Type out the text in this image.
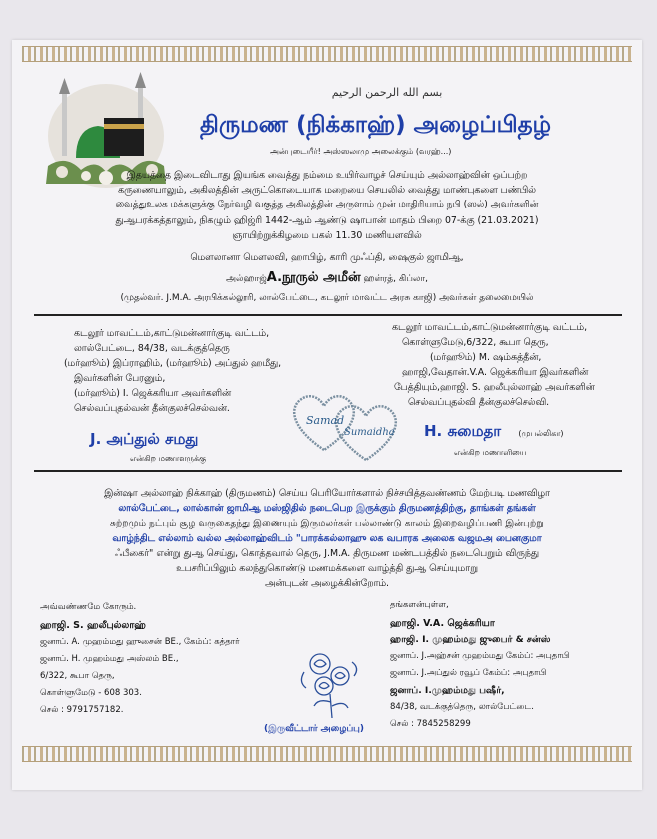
بسم الله الرحمن الرحيم
திருமண (நிக்காஹ்) அழைப்பிதழ்
அன்புடையீர்! அஸ்ஸலாமு அலைக்கும் (வரஹ்...)
இதயத்தை இடைவிடாது இயங்க வைத்து நம்மை உயிர்வாழச் செய்யும் அல்லாஹ்வின் ஒப்பற்ற
கருணையாலும், அகிலத்தின் அருட்கொடையாக மறையை செயலில் வைத்து மாண்புகளை பண்பில்
வைத்துஉலக மக்களுக்கு நேர்வழி வகுத்த அகிலத்தின் அருளாம் முன் மாதிரியாம் நபி (ஸல்) அவர்களின்
துஆபரக்கத்தாலும், நிகழும் ஹிஜ்ரி 1442-ஆம் ஆண்டு ஷாபான் மாதம் பிறை 07-க்கு (21.03.2021)
ஞாயிற்றுக்கிழமை பகல் 11.30 மணியளவில்
மௌலானா மௌலவி, ஹாபிழ், காரி முஃப்தி, ஷைகுல் ஜாமிஆ,
அல்ஹாஜ்A.நூருல் அமீன் ஹள்ரத், கிப்லா,
(முதல்வர். J.M.A. அரபிக்கல்லூரி, லால்பேட்டை, கடலூர் மாவட்ட அரசு காஜி) அவர்கள் தலைமையில்
கடலூர் மாவட்டம்,காட்டுமன்னார்குடி வட்டம்,
லால்பேட்டை, 84/38, வடக்குத்தெரு
(மர்ஹூம்) இப்ராஹிம், (மர்ஹூம்) அப்துல் ஹமீது,
இவர்களின் பேரனும்,
(மர்ஹூம்) I. ஜெக்கரியா அவர்களின்
செல்வப்புதல்வன் தீன்குலச்செல்வன்.
J. அப்துல் சமது
என்கிற மணாளருக்கு
Samad
Sumaidha
கடலூர் மாவட்டம்,காட்டுமன்னார்குடி வட்டம்,
கொள்ளுமேடு,6/322, கூபா தெரு,
(மர்ஹூம்) M. ஷம்சுத்தீன்,
ஹாஜி,வேதான்.V.A. ஜெக்கரியா இவர்களின்
பேத்தியும்,ஹாஜி. S. ஹலீபுல்லாஹ் அவர்களின்
செல்வப்புதல்வி தீன்குலச்செல்வி.
H. சுமைதா (முபல்லிகா)
என்கிற மணாளியை
இன்ஷா அல்லாஹ் நிக்காஹ் (திருமணம்) செய்ய பெரியோர்களால் நிச்சயித்தவண்ணம் மேற்படி மணவிழா
லால்பேட்டை, லால்கான் ஜாமிஆ மஸ்ஜிதில் நடைபெற இருக்கும் திருமணத்திற்கு, தாங்கள் தங்கள்
சுற்றமும் நட்பும் சூழ வருகைதந்து இணையும் இருமலர்கள் பல்லாண்டு காலம் இறைவழிப்பணி இன்புற்று
வாழ்ந்திட எல்லாம் வல்ல அல்லாஹ்விடம் "பாரக்கல்லாஹு லக வபாரக அலைக வஜமஅ பைனகுமா
ஃபீகைர்" என்று துஆ செய்து, கொத்தவால் தெரு, J.M.A. திருமண மண்டபத்தில் நடைபெறும் விருந்து
உபசரிப்பிலும் கலந்துகொண்டு மணமக்களை வாழ்த்தி துஆ செய்யுமாறு
அன்புடன் அழைக்கின்றோம்.
அவ்வண்ணமே கோரும்.
ஹாஜி. S. ஹலீபுல்லாஹ்
ஜனாப். A. முஹம்மது ஹுசைன் BE., கேம்ப்: கத்தார்
ஜனாப். H. முஹம்மது அஸ்லம் BE.,
6/322, கூபா தெரு,
கொள்ளுமேடு - 608 303.
செல் : 9791757182.
(இருவீட்டார் அழைப்பு)
தங்களன்புள்ள,
ஹாஜி. V.A. ஜெக்கரியா
ஹாஜி. I. முஹம்மது ஜுபைர் & சன்ஸ்
ஜனாப். J.அஹ்சன் முஹம்மது கேம்ப்: அபுதாபி
ஜனாப். J.அப்துல் ரவூப் கேம்ப்: அபுதாபி
ஜனாப். I.முஹம்மது பஷீர்,
84/38, வடக்குத்தெரு, லால்பேட்டை.
செல் : 7845258299
